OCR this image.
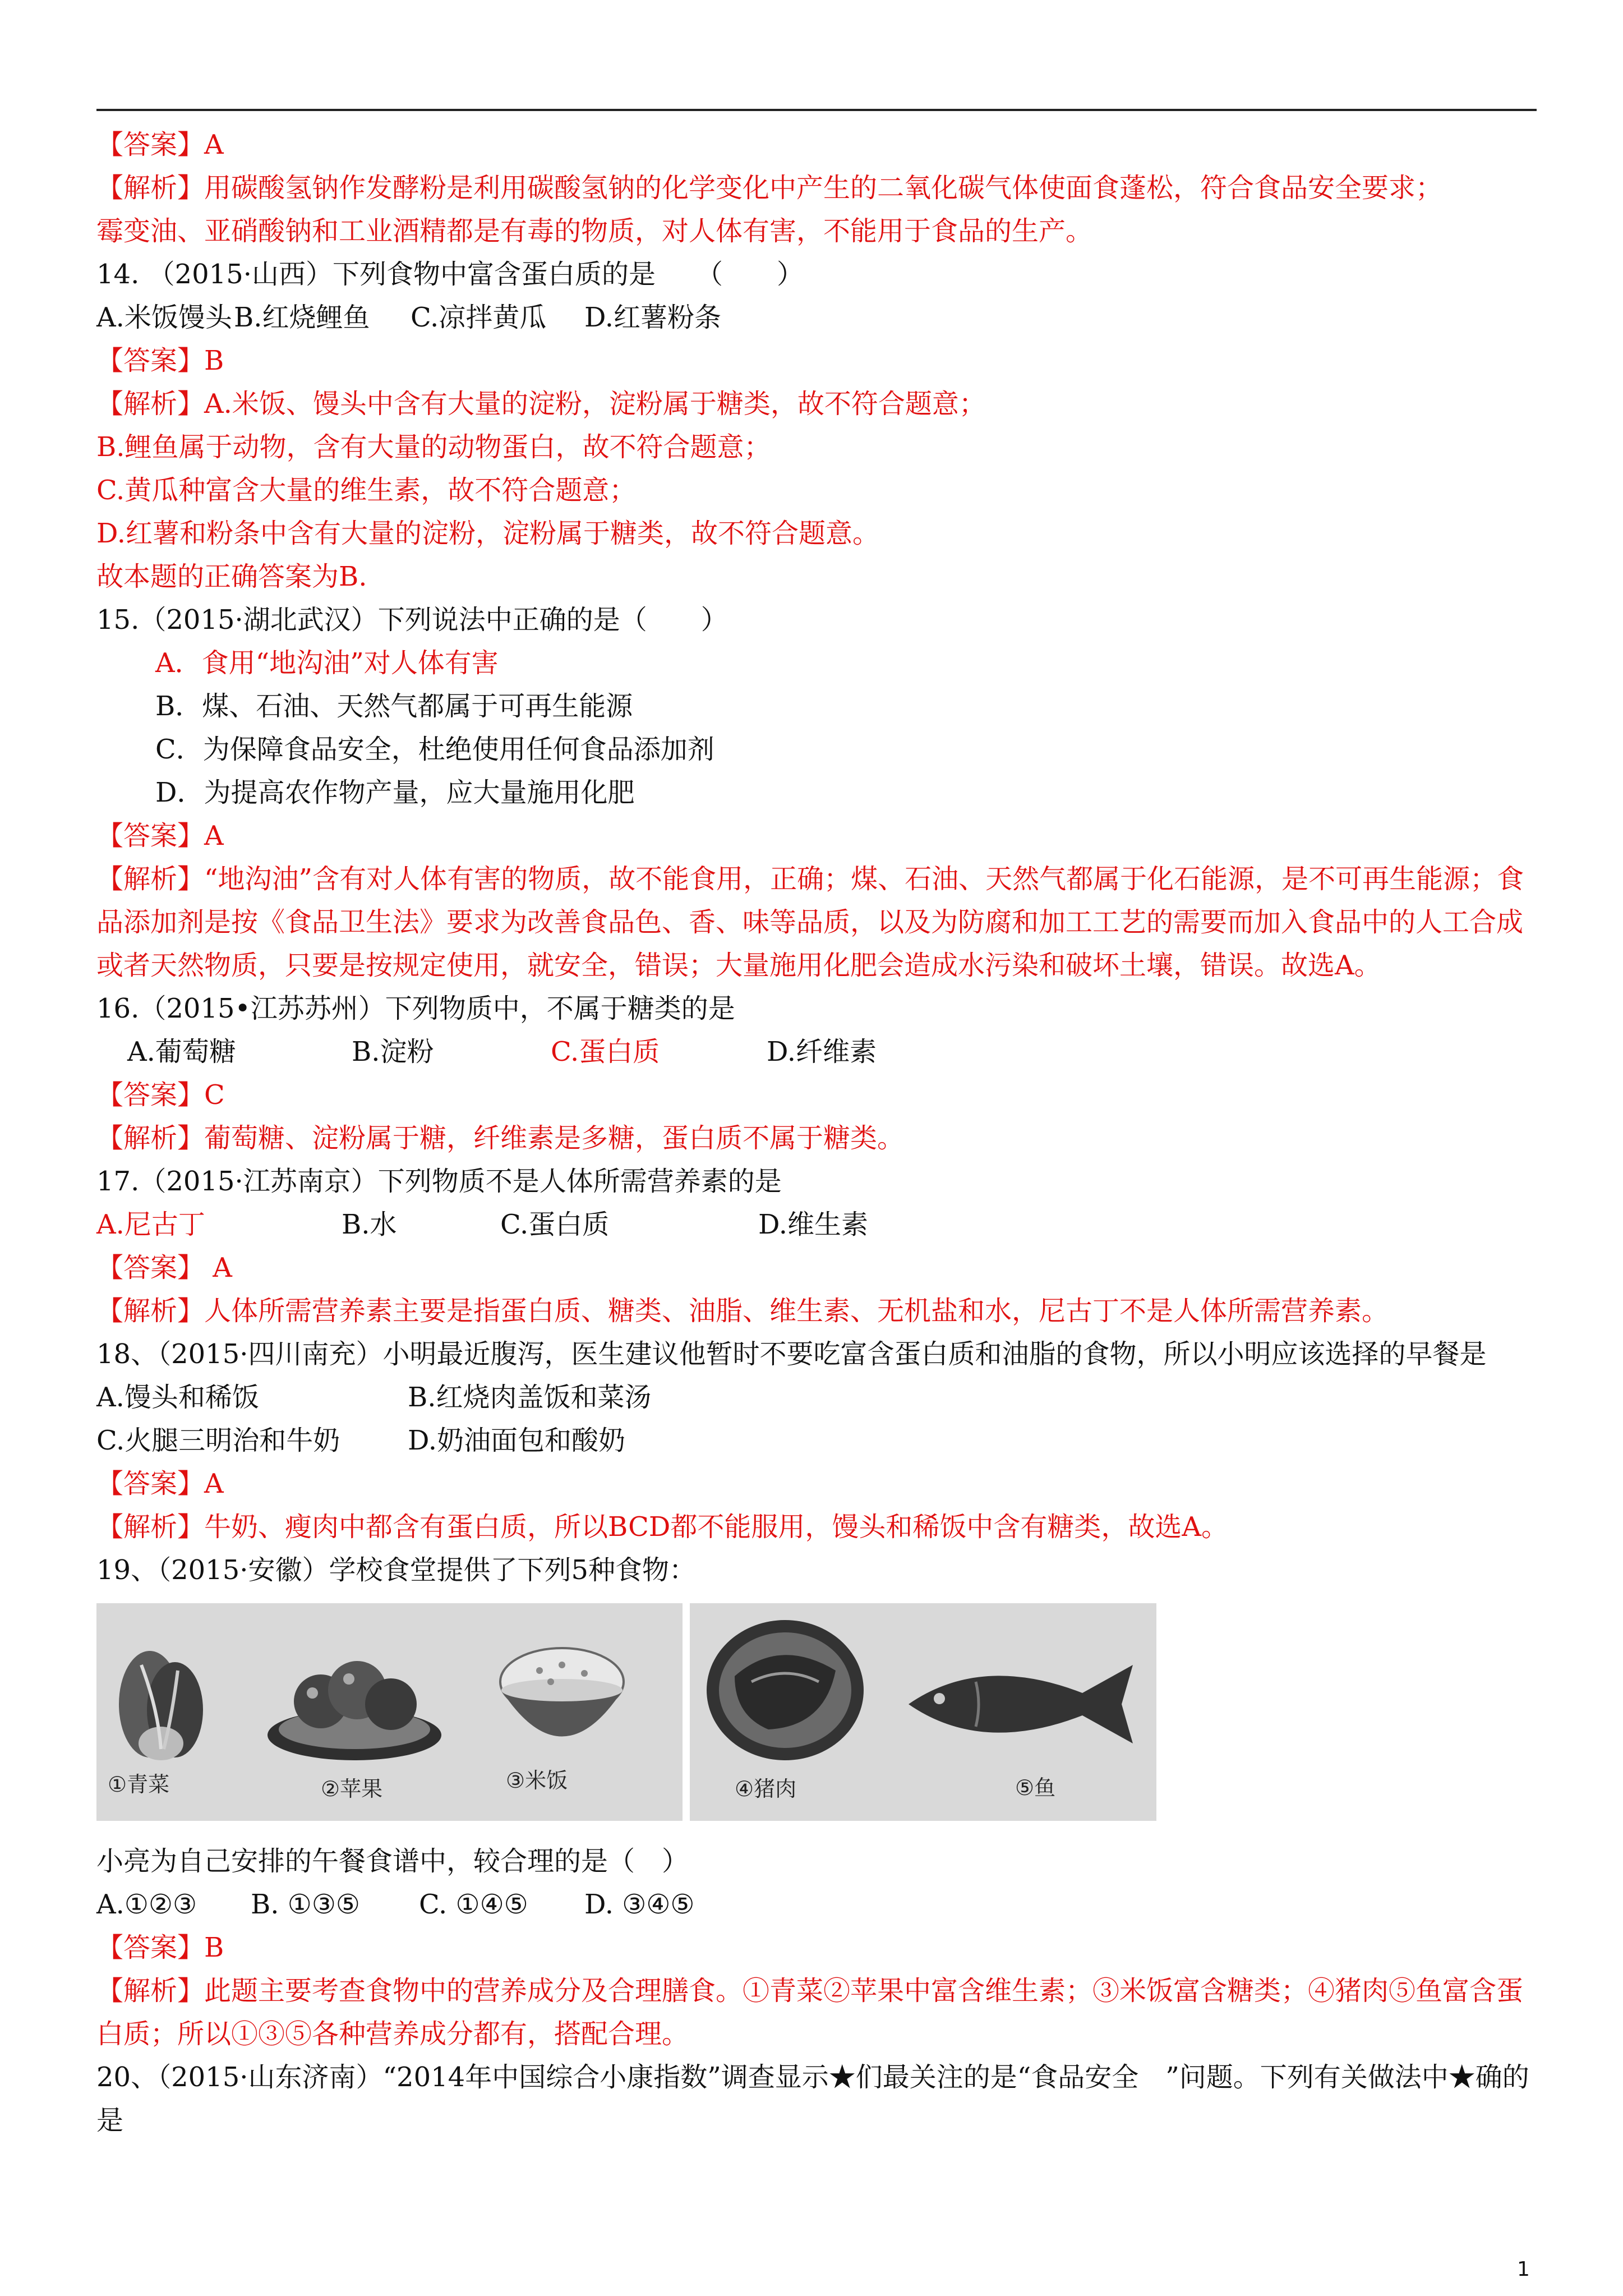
【答案】A
【解析】用碳酸氢钠作发酵粉是利用碳酸氢钠的化学变化中产生的二氧化碳气体使面食蓬松，符合食品安全要求；
霉变油、亚硝酸钠和工业酒精都是有毒的物质，对人体有害，不能用于食品的生产。
14. （2015·山西）下列食物中富含蛋白质的是　　（　　）
A.米饭馒头B.红烧鲤鱼 C.凉拌黄瓜 D.红薯粉条
【答案】B
【解析】A.米饭、馒头中含有大量的淀粉，淀粉属于糖类，故不符合题意；
B.鲤鱼属于动物，含有大量的动物蛋白，故不符合题意；
C.黄瓜种富含大量的维生素，故不符合题意；
D.红薯和粉条中含有大量的淀粉，淀粉属于糖类，故不符合题意。
故本题的正确答案为B.
15.（2015·湖北武汉）下列说法中正确的是（　　）
A．食用“地沟油”对人体有害
B．煤、石油、天然气都属于可再生能源
C．为保障食品安全，杜绝使用任何食品添加剂
D．为提高农作物产量，应大量施用化肥
【答案】A
【解析】“地沟油”含有对人体有害的物质，故不能食用，正确；煤、石油、天然气都属于化石能源，是不可再生能源；食品添加剂是按《食品卫生法》要求为改善食品色、香、味等品质，以及为防腐和加工工艺的需要而加入食品中的人工合成或者天然物质，只要是按规定使用，就安全，错误；大量施用化肥会造成水污染和破坏土壤，错误。故选A。
16.（2015•江苏苏州）下列物质中，不属于糖类的是
A.葡萄糖	B.淀粉	C.蛋白质	D.纤维素
【答案】C
【解析】葡萄糖、淀粉属于糖，纤维素是多糖，蛋白质不属于糖类。
17.（2015·江苏南京）下列物质不是人体所需营养素的是
A.尼古丁	B.水	C.蛋白质	D.维生素
【答案】 A
【解析】人体所需营养素主要是指蛋白质、糖类、油脂、维生素、无机盐和水，尼古丁不是人体所需营养素。
18、（2015·四川南充）小明最近腹泻，医生建议他暂时不要吃富含蛋白质和油脂的食物，所以小明应该选择的早餐是
A.馒头和稀饭	B.红烧肉盖饭和菜汤
C.火腿三明治和牛奶	D.奶油面包和酸奶
【答案】A
【解析】牛奶、瘦肉中都含有蛋白质，所以BCD都不能服用，馒头和稀饭中含有糖类，故选A。
19、（2015·安徽）学校食堂提供了下列5种食物：
①青菜	②苹果	③米饭	④猪肉	⑤鱼
小亮为自己安排的午餐食谱中，较合理的是（　）
A.①②③ B. ①③⑤ C. ①④⑤ D. ③④⑤
【答案】B
【解析】此题主要考查食物中的营养成分及合理膳食。①青菜②苹果中富含维生素；③米饭富含糖类；④猪肉⑤鱼富含蛋白质；所以①③⑤各种营养成分都有，搭配合理。
20、（2015·山东济南）“2014年中国综合小康指数”调查显示★们最关注的是“食品安全　”问题。下列有关做法中★确的是
1
